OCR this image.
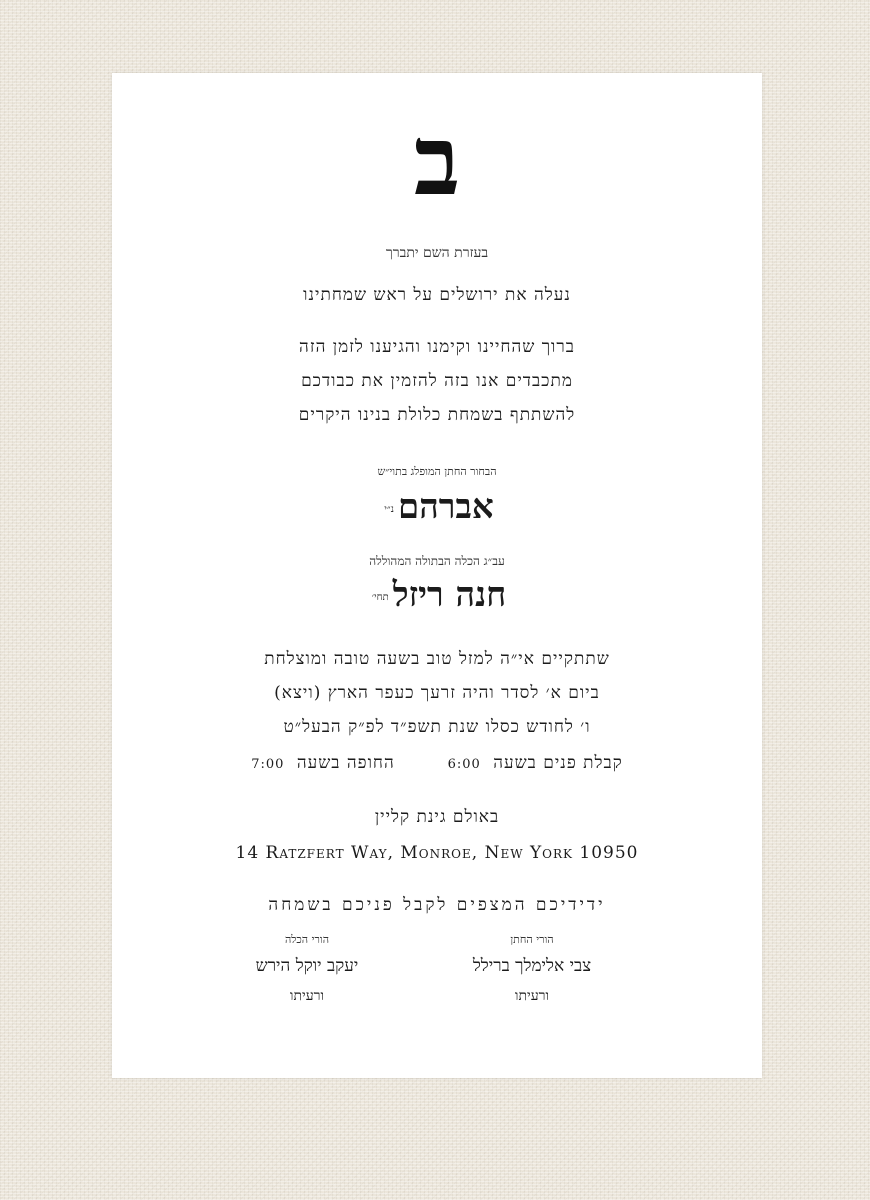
ב
בעזרת השם יתברך
נעלה את ירושלים על ראש שמחתינו
ברוך שהחיינו וקימנו והגיענו לזמן הזה
מתכבדים אנו בזה להזמין את כבודכם
להשתתף בשמחת כלולת בנינו היקרים
הבחור החתן המופלג בתוי״ש
אברהםנ״י
עב״ג הכלה הבתולה המהוללה
חנה ריזלתחי׳
שתתקיים אי״ה למזל טוב בשעה טובה ומוצלחת
ביום א׳ לסדר והיה זרעך כעפר הארץ (ויצא)
ו׳ לחודש כסלו שנת תשפ״ד לפ״ק הבעל״ט
קבלת פנים בשעה 6:00  החופה בשעה 7:00
באולם גינת קליין
14 Ratzfert Way, Monroe, New York 10950
ידידיכם המצפים לקבל פניכם בשמחה
הורי החתן
צבי אלימלך ברילל
ורעיתו
הורי הכלה
יעקב יוקל הירש
ורעיתו
